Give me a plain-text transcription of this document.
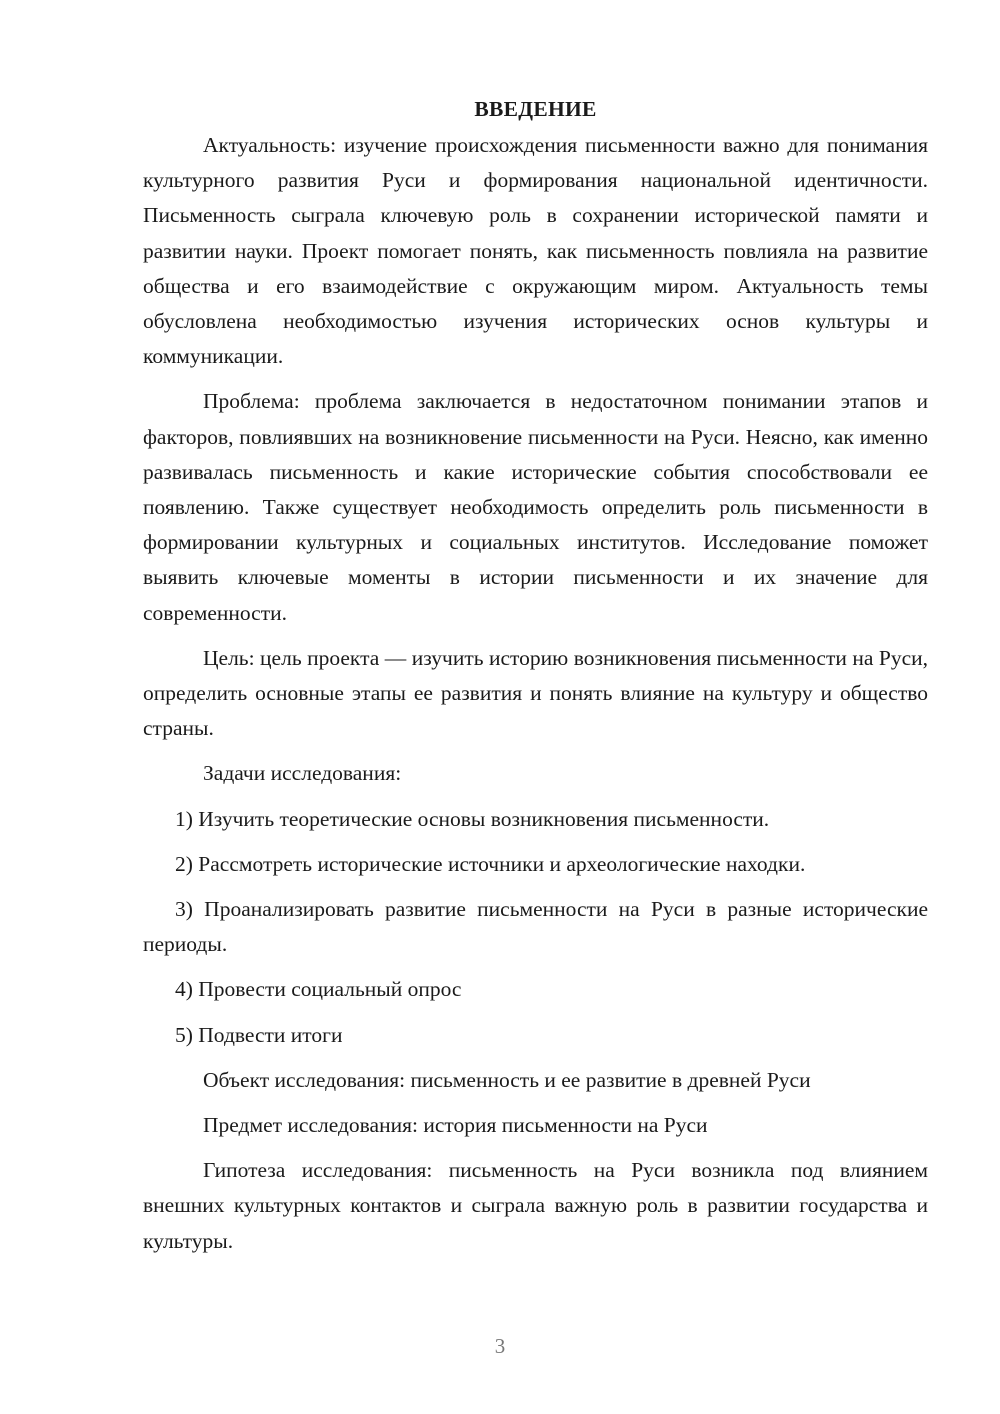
ВВЕДЕНИЕ
Актуальность: изучение происхождения письменности важно для понимания культурного развития Руси и формирования национальной идентичности. Письменность сыграла ключевую роль в сохранении исторической памяти и развитии науки. Проект помогает понять, как письменность повлияла на развитие общества и его взаимодействие с окружающим миром. Актуальность темы обусловлена необходимостью изучения исторических основ культуры и коммуникации.
Проблема: проблема заключается в недостаточном понимании этапов и факторов, повлиявших на возникновение письменности на Руси. Неясно, как именно развивалась письменность и какие исторические события способствовали ее появлению. Также существует необходимость определить роль письменности в формировании культурных и социальных институтов. Исследование поможет выявить ключевые моменты в истории письменности и их значение для современности.
Цель: цель проекта — изучить историю возникновения письменности на Руси, определить основные этапы ее развития и понять влияние на культуру и общество страны.
Задачи исследования:
1) Изучить теоретические основы возникновения письменности.
2) Рассмотреть исторические источники и археологические находки.
3) Проанализировать развитие письменности на Руси в разные исторические периоды.
4) Провести социальный опрос
5) Подвести итоги
Объект исследования: письменность и ее развитие в древней Руси
Предмет исследования: история письменности на Руси
Гипотеза исследования: письменность на Руси возникла под влиянием внешних культурных контактов и сыграла важную роль в развитии государства и культуры.
3
